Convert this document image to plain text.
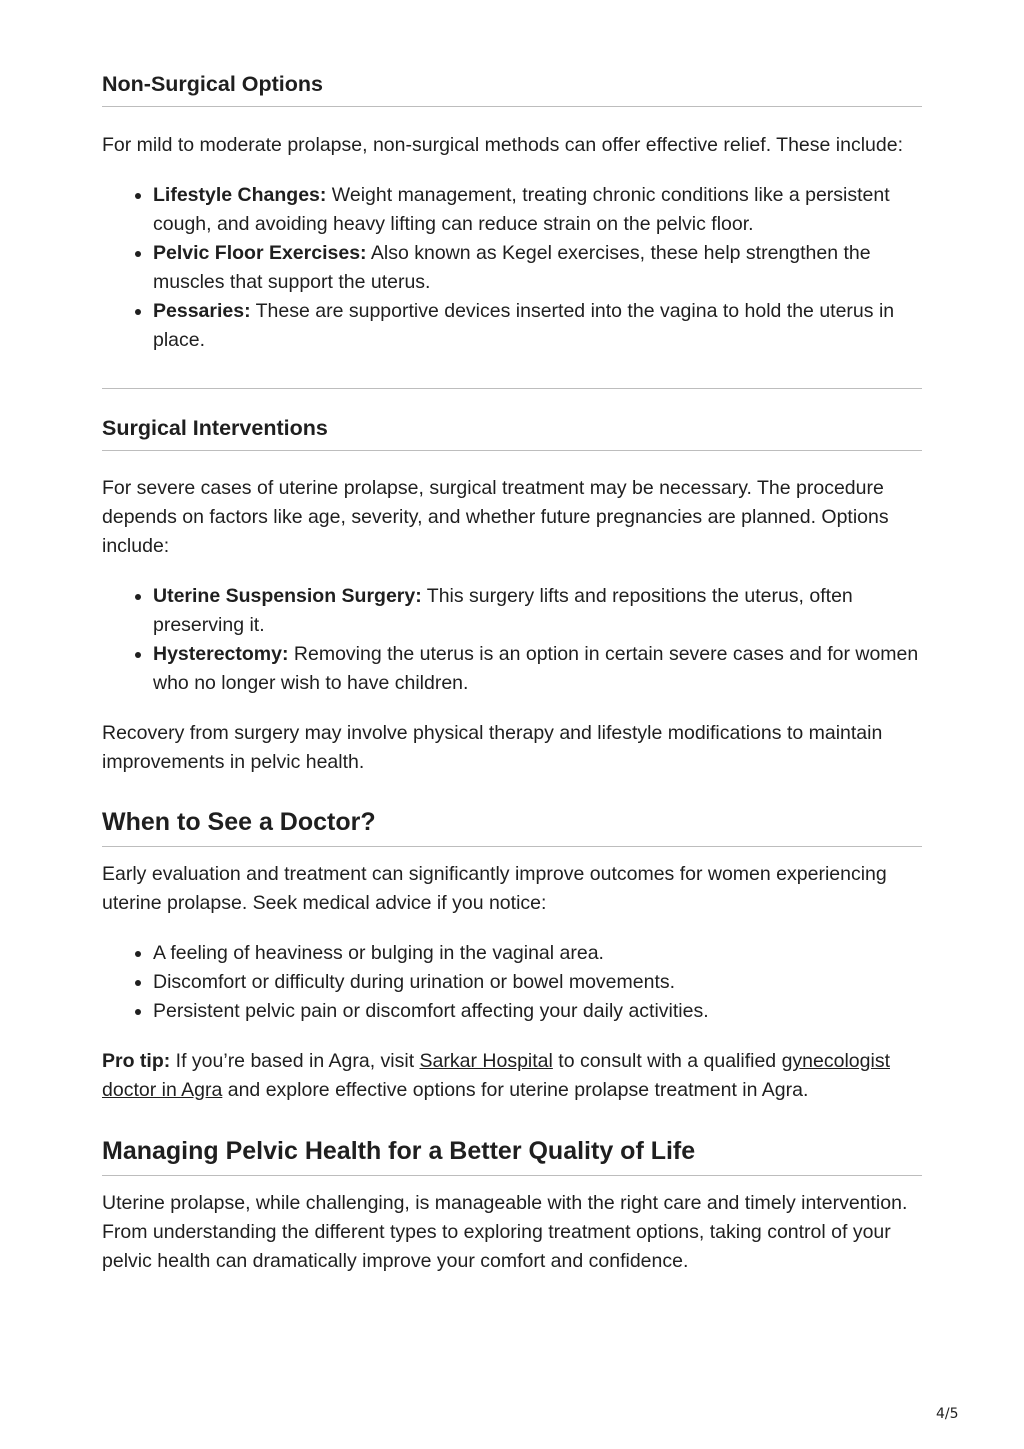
Non-Surgical Options

For mild to moderate prolapse, non-surgical methods can offer effective relief. These include:

• Lifestyle Changes: Weight management, treating chronic conditions like a persistent cough, and avoiding heavy lifting can reduce strain on the pelvic floor.
• Pelvic Floor Exercises: Also known as Kegel exercises, these help strengthen the muscles that support the uterus.
• Pessaries: These are supportive devices inserted into the vagina to hold the uterus in place.
Surgical Interventions

For severe cases of uterine prolapse, surgical treatment may be necessary. The procedure depends on factors like age, severity, and whether future pregnancies are planned. Options include:

• Uterine Suspension Surgery: This surgery lifts and repositions the uterus, often preserving it.
• Hysterectomy: Removing the uterus is an option in certain severe cases and for women who no longer wish to have children.

Recovery from surgery may involve physical therapy and lifestyle modifications to maintain improvements in pelvic health.

When to See a Doctor?

Early evaluation and treatment can significantly improve outcomes for women experiencing uterine prolapse. Seek medical advice if you notice:

• A feeling of heaviness or bulging in the vaginal area.
• Discomfort or difficulty during urination or bowel movements.
• Persistent pelvic pain or discomfort affecting your daily activities.

Pro tip: If you’re based in Agra, visit Sarkar Hospital to consult with a qualified gynecologist doctor in Agra and explore effective options for uterine prolapse treatment in Agra.

Managing Pelvic Health for a Better Quality of Life

Uterine prolapse, while challenging, is manageable with the right care and timely intervention. From understanding the different types to exploring treatment options, taking control of your pelvic health can dramatically improve your comfort and confidence.

4/5
